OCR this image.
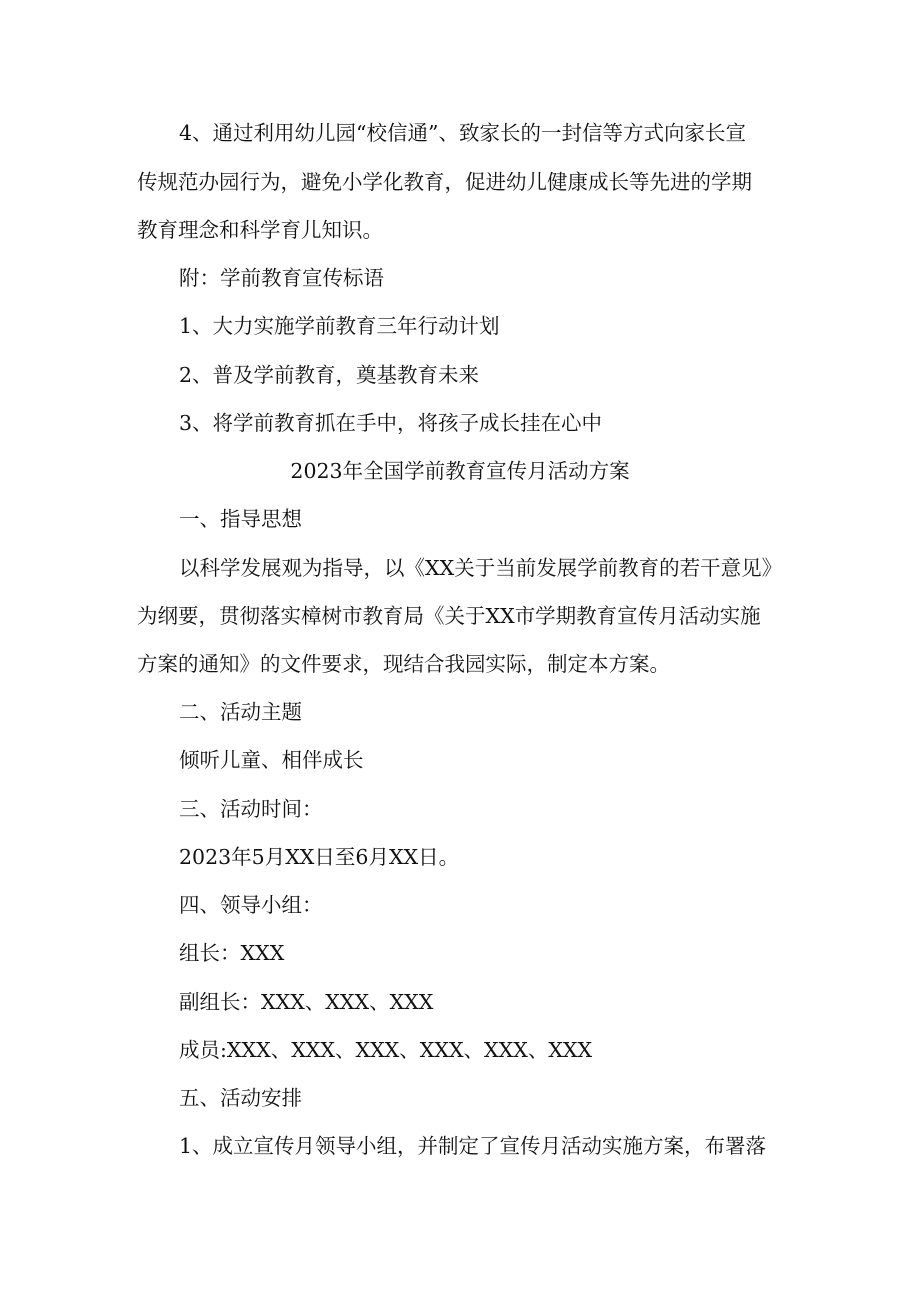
4、通过利用幼儿园“校信通”、致家长的一封信等方式向家长宣
传规范办园行为，避免小学化教育，促进幼儿健康成长等先进的学期
教育理念和科学育儿知识。
附：学前教育宣传标语
1、大力实施学前教育三年行动计划
2、普及学前教育，奠基教育未来
3、将学前教育抓在手中，将孩子成长挂在心中
2023年全国学前教育宣传月活动方案
一、指导思想
以科学发展观为指导，以《XX关于当前发展学前教育的若干意见》
为纲要，贯彻落实樟树市教育局《关于XX市学期教育宣传月活动实施
方案的通知》的文件要求，现结合我园实际，制定本方案。
二、活动主题
倾听儿童、相伴成长
三、活动时间：
2023年5月XX日至6月XX日。
四、领导小组：
组长：XXX
副组长：XXX、XXX、XXX
成员:XXX、XXX、XXX、XXX、XXX、XXX
五、活动安排
1、成立宣传月领导小组，并制定了宣传月活动实施方案，布署落
